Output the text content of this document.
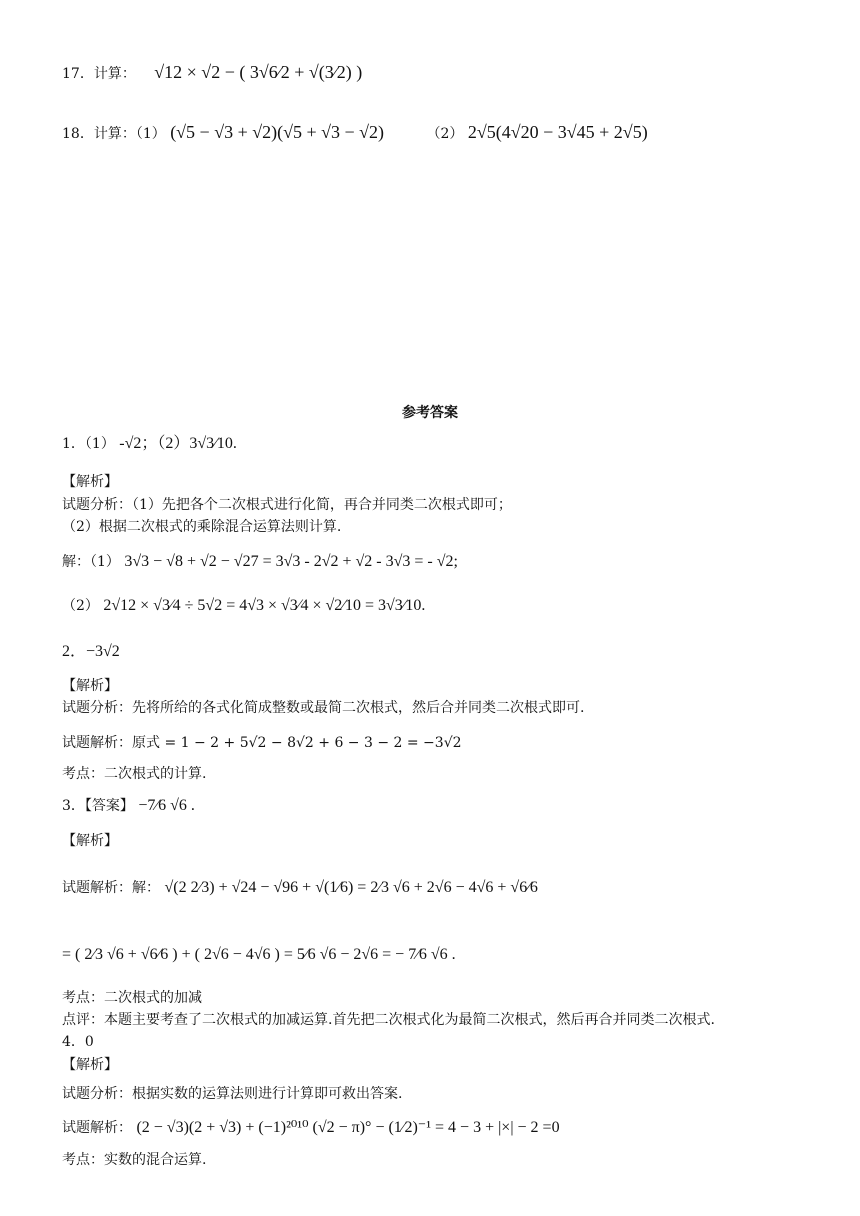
17．计算： √12 × √2 − ( 3√6⁄2 + √(3⁄2) )
18．计算：（1） (√5 − √3 + √2)(√5 + √3 − √2)	（2） 2√5(4√20 − 3√45 + 2√5)
参考答案
1．（1） -√2；（2）3√3⁄10.
【解析】
试题分析：（1）先把各个二次根式进行化简，再合并同类二次根式即可；
（2）根据二次根式的乘除混合运算法则计算.
解：（1） 3√3 − √8 + √2 − √27 = 3√3 - 2√2 + √2 - 3√3 = - √2;
（2） 2√12 × √3⁄4 ÷ 5√2 = 4√3 × √3⁄4 × √2⁄10 = 3√3⁄10.
2．−3√2
【解析】
试题分析：先将所给的各式化简成整数或最简二次根式，然后合并同类二次根式即可.
试题解析：原式 = 1 − 2 + 5√2 − 8√2 + 6 − 3 − 2 = −3√2
考点：二次根式的计算.
3．【答案】 −7⁄6 √6 .
【解析】
试题解析：解： √(2 2⁄3) + √24 − √96 + √(1⁄6) = 2⁄3 √6 + 2√6 − 4√6 + √6⁄6
= ( 2⁄3 √6 + √6⁄6 ) + ( 2√6 − 4√6 ) = 5⁄6 √6 − 2√6 = − 7⁄6 √6 .
考点：二次根式的加减
点评：本题主要考查了二次根式的加减运算.首先把二次根式化为最简二次根式，然后再合并同类二次根式.
4．0
【解析】
试题分析：根据实数的运算法则进行计算即可救出答案.
试题解析： (2 − √3)(2 + √3) + (−1)²⁰¹⁰ (√2 − π)° − (1⁄2)⁻¹ = 4 − 3 + |×| − 2 =0
考点：实数的混合运算.
